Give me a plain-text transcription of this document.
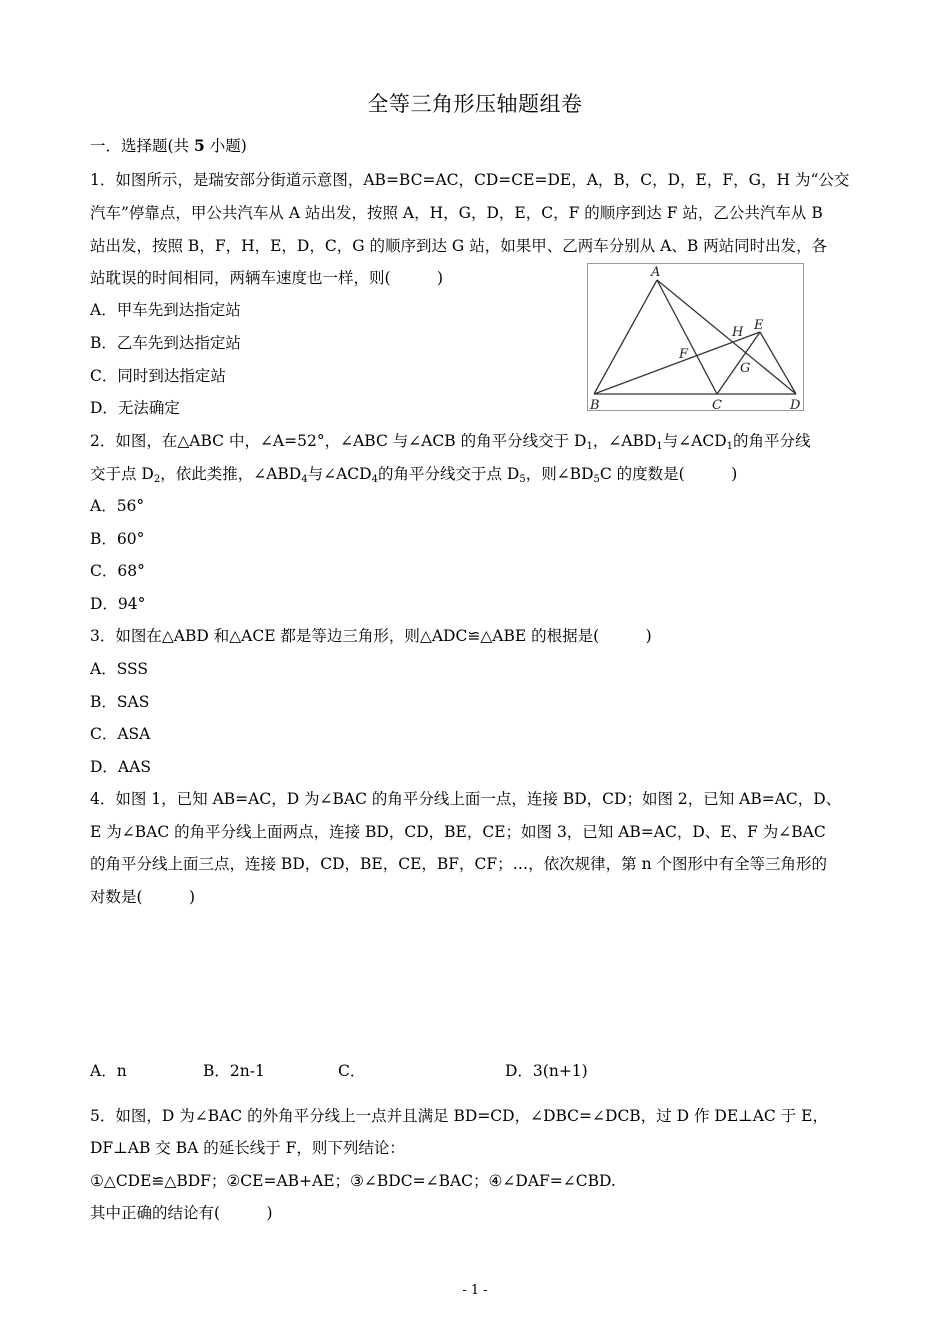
全等三角形压轴题组卷
一．选择题(共 5 小题)
1．如图所示，是瑞安部分街道示意图，AB=BC=AC，CD=CE=DE，A，B，C，D，E，F，G，H 为“公交
汽车”停靠点，甲公共汽车从 A 站出发，按照 A，H，G，D，E，C，F 的顺序到达 F 站，乙公共汽车从 B
站出发，按照 B，F，H，E，D，C，G 的顺序到达 G 站，如果甲、乙两车分别从 A、B 两站同时出发，各
站耽误的时间相同，两辆车速度也一样，则(　　　)
A．甲车先到达指定站
B．乙车先到达指定站
C．同时到达指定站
D．无法确定
A
B	C	D
E
F
G
H
2．如图，在△ABC 中，∠A=52°，∠ABC 与∠ACB 的角平分线交于 $D_1$，$\angle ABD_1$与$\angle ACD_1$的角平分线
交于点 $D_2$，依此类推，$\angle ABD_4$与$\angle ACD_4$的角平分线交于点 $D_5$，则$\angle BD_5C$ 的度数是(　　　)
A．56°
B．60°
C．68°
D．94°
3．如图在△ABD 和△ACE 都是等边三角形，则△ADC≌△ABE 的根据是(　　　)
A．SSS
B．SAS
C．ASA
D．AAS
4．如图 1，已知 AB=AC，D 为∠BAC 的角平分线上面一点，连接 BD，CD；如图 2，已知 AB=AC，D、
E 为∠BAC 的角平分线上面两点，连接 BD，CD，BE，CE；如图 3，已知 AB=AC，D、E、F 为∠BAC
的角平分线上面三点，连接 BD，CD，BE，CE，BF，CF；…，依次规律，第 n 个图形中有全等三角形的
对数是(　　　)
A．n	B．2n-1	C．	D．3(n+1)
5．如图，D 为∠BAC 的外角平分线上一点并且满足 BD=CD，∠DBC=∠DCB，过 D 作 DE⊥AC 于 E，
DF⊥AB 交 BA 的延长线于 F，则下列结论：
①△CDE≌△BDF；②CE=AB+AE；③∠BDC=∠BAC；④∠DAF=∠CBD.
其中正确的结论有(　　　)
- 1 -
